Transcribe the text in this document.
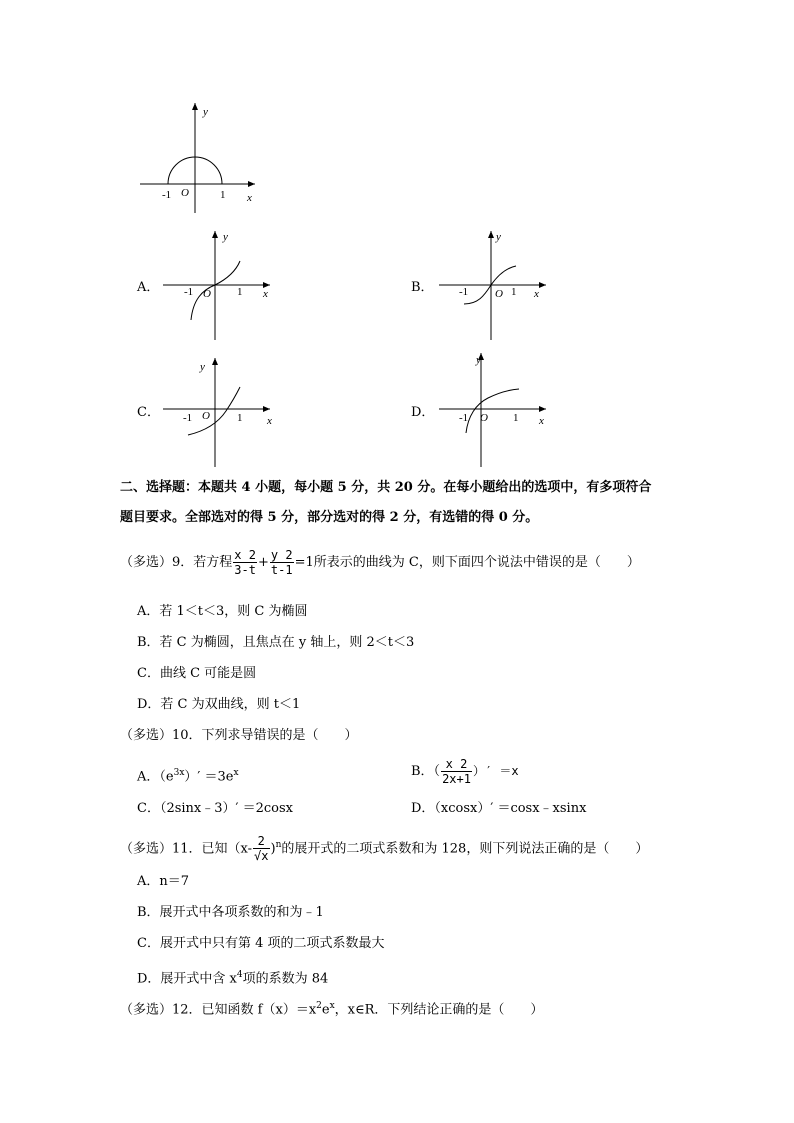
y
x
O
-1	1
A．
y
x
O
-1	1	B．
y
x
O
-1	1
C．
y
x
O
-1	1	D．
y
x
O
-1	1
二、选择题：本题共 4 小题，每小题 5 分，共 20 分。在每小题给出的选项中，有多项符合
题目要求。全部选对的得 5 分，部分选对的得 2 分，有选错的得 0 分。
（多选）9．若方程 $\frac{x 2}{3-t} + \frac{y 2}{t-1} =1$所表示的曲线为 C，则下面四个说法中错误的是（　　）
A．若 1＜t＜3，则 C 为椭圆
B．若 C 为椭圆，且焦点在 y 轴上，则 2＜t＜3
C．曲线 C 可能是圆
D．若 C 为双曲线，则 t＜1
（多选）10．下列求导错误的是（　　）
A．$(e^{3x})' =3e^x$	B．（ $\frac{x 2}{2x+1}$ ）′ ＝x
C．（2sinx﹣3）′ ＝2cosx	D．（xcosx）′ ＝cosx﹣xsinx
（多选）11．已知$(x- \frac{2}{√x} )^n$的展开式的二项式系数和为 128，则下列说法正确的是（　　）
A．n＝7
B．展开式中各项系数的和为﹣1
C．展开式中只有第 4 项的二项式系数最大
D．展开式中含 $x^4$项的系数为 84
（多选）12．已知函数 $f(x)=x^2e^x$，x∈R．下列结论正确的是（　　）
